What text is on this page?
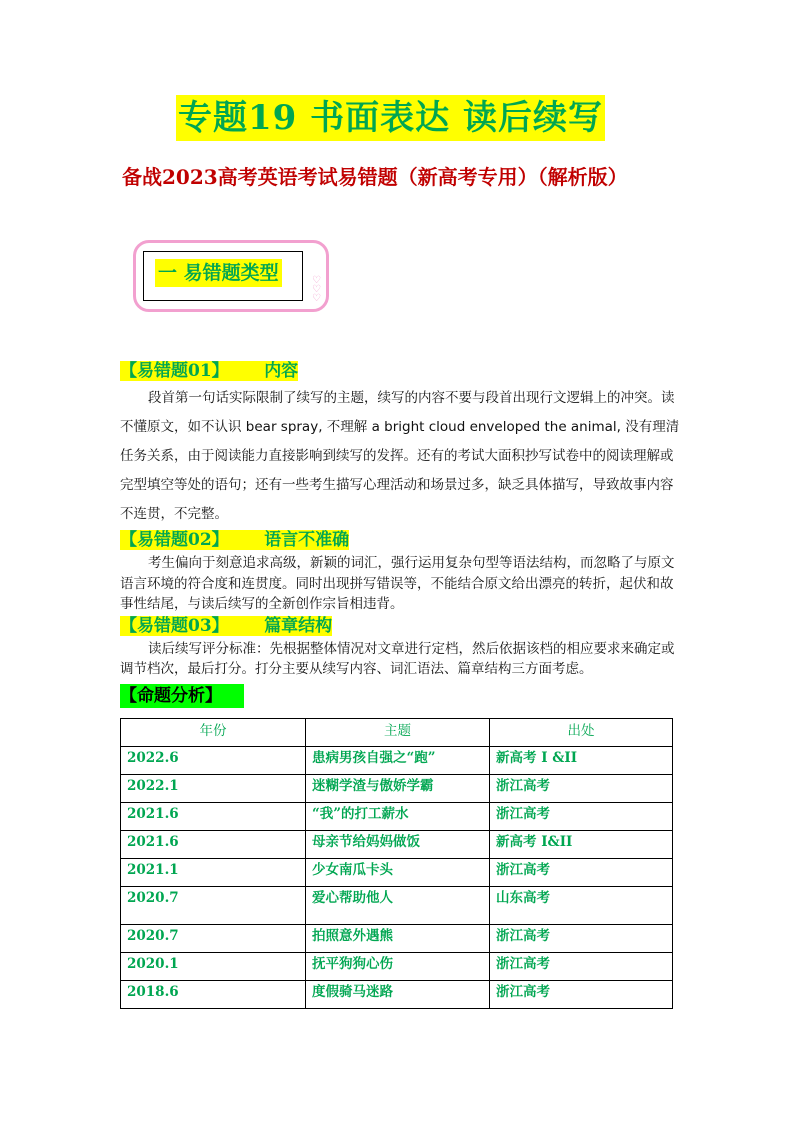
专题19 书面表达 读后续写
备战2023高考英语考试易错题（新高考专用）（解析版）
♡
♡
♡
一 易错题类型
【易错题01】 内容

段首第一句话实际限制了续写的主题，续写的内容不要与段首出现行文逻辑上的冲突。读不懂原文，如不认识 bear spray, 不理解 a bright cloud enveloped the animal, 没有理清任务关系，由于阅读能力直接影响到续写的发挥。还有的考试大面积抄写试卷中的阅读理解或完型填空等处的语句；还有一些考生描写心理活动和场景过多，缺乏具体描写，导致故事内容不连贯，不完整。

【易错题02】 语言不准确

考生偏向于刻意追求高级，新颖的词汇，强行运用复杂句型等语法结构，而忽略了与原文语言环境的符合度和连贯度。同时出现拼写错误等，不能结合原文给出漂亮的转折，起伏和故事性结尾，与读后续写的全新创作宗旨相违背。

【易错题03】 篇章结构

读后续写评分标准：先根据整体情况对文章进行定档，然后依据该档的相应要求来确定或调节档次，最后打分。打分主要从续写内容、词汇语法、篇章结构三方面考虑。

【命题分析】
年份	主题	出处
2022.6	患病男孩自强之“跑”	新高考 I &II
2022.1	迷糊学渣与傲娇学霸	浙江高考
2021.6	“我”的打工薪水	浙江高考
2021.6	母亲节给妈妈做饭	新高考 I&II
2021.1	少女南瓜卡头	浙江高考
2020.7	爱心帮助他人	山东高考
2020.7	拍照意外遇熊	浙江高考
2020.1	抚平狗狗心伤	浙江高考
2018.6	度假骑马迷路	浙江高考
